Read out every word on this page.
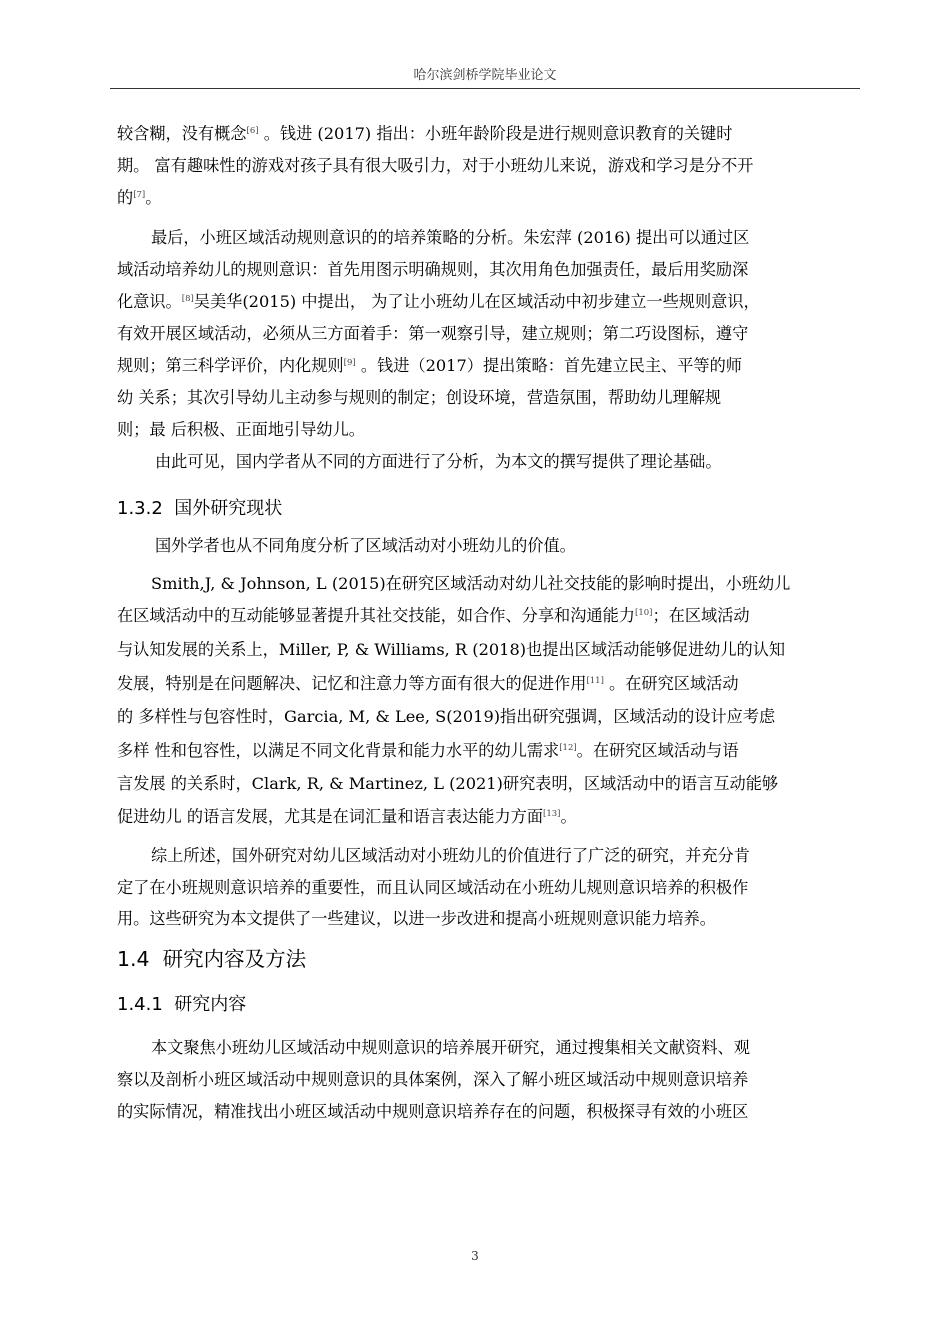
哈尔滨剑桥学院毕业论文
较含糊，没有概念[6] 。钱进 (2017) 指出：小班年龄阶段是进行规则意识教育的关键时
期。 富有趣味性的游戏对孩子具有很大吸引力，对于小班幼儿来说，游戏和学习是分不开
的[7]。
最后，小班区域活动规则意识的的培养策略的分析。朱宏萍 (2016) 提出可以通过区
域活动培养幼儿的规则意识：首先用图示明确规则，其次用角色加强责任，最后用奖励深
化意识。[8]吴美华(2015) 中提出， 为了让小班幼儿在区域活动中初步建立一些规则意识，
有效开展区域活动，必须从三方面着手：第一观察引导，建立规则；第二巧设图标，遵守
规则；第三科学评价，内化规则[9] 。钱进（2017）提出策略：首先建立民主、平等的师
幼 关系；其次引导幼儿主动参与规则的制定；创设环境，营造氛围，帮助幼儿理解规
则；最 后积极、正面地引导幼儿。
由此可见，国内学者从不同的方面进行了分析，为本文的撰写提供了理论基础。
1.3.2 国外研究现状
国外学者也从不同角度分析了区域活动对小班幼儿的价值。
Smith,J, & Johnson, L (2015)在研究区域活动对幼儿社交技能的影响时提出，小班幼儿
在区域活动中的互动能够显著提升其社交技能，如合作、分享和沟通能力[10]；在区域活动
与认知发展的关系上，Miller, P, & Williams, R (2018)也提出区域活动能够促进幼儿的认知
发展，特别是在问题解决、记忆和注意力等方面有很大的促进作用[11] 。在研究区域活动
的 多样性与包容性时，Garcia, M, & Lee, S(2019)指出研究强调，区域活动的设计应考虑
多样 性和包容性，以满足不同文化背景和能力水平的幼儿需求[12]。在研究区域活动与语
言发展 的关系时，Clark, R, & Martinez, L (2021)研究表明，区域活动中的语言互动能够
促进幼儿 的语言发展，尤其是在词汇量和语言表达能力方面[13]。
综上所述，国外研究对幼儿区域活动对小班幼儿的价值进行了广泛的研究，并充分肯
定了在小班规则意识培养的重要性，而且认同区域活动在小班幼儿规则意识培养的积极作
用。这些研究为本文提供了一些建议，以进一步改进和提高小班规则意识能力培养。
1.4 研究内容及方法
1.4.1 研究内容
本文聚焦小班幼儿区域活动中规则意识的培养展开研究，通过搜集相关文献资料、观
察以及剖析小班区域活动中规则意识的具体案例，深入了解小班区域活动中规则意识培养
的实际情况，精准找出小班区域活动中规则意识培养存在的问题，积极探寻有效的小班区
3
